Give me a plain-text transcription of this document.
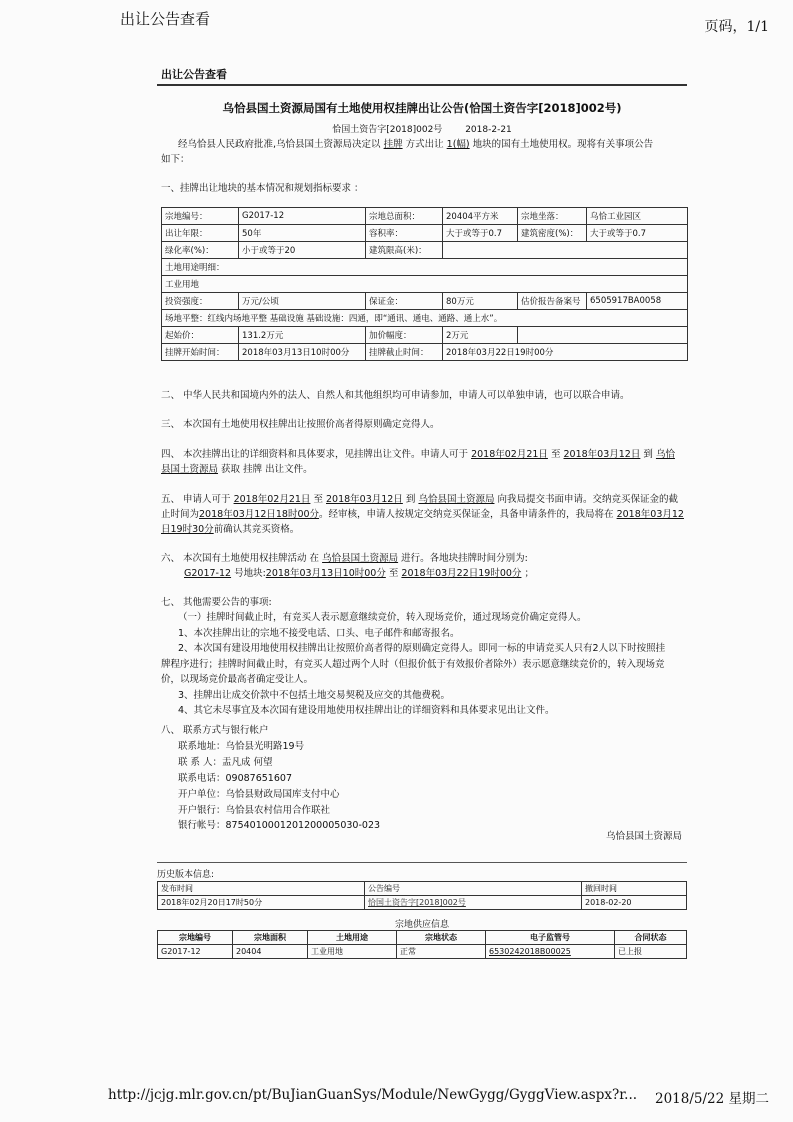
出让公告查看	页码，1/1
出让公告查看
乌恰县国土资源局国有土地使用权挂牌出让公告(恰国土资告字[2018]002号)
恰国土资告字[2018]002号	2018-2-21
经乌恰县人民政府批准,乌恰县国土资源局决定以 挂牌 方式出让 1(幅) 地块的国有土地使用权。现将有关事项公告
如下：
一、挂牌出让地块的基本情况和规划指标要求 ：
宗地编号：	G2017-12	宗地总面积：	20404平方米	宗地坐落：	乌恰工业园区
出让年限：	50年	容积率：	大于或等于0.7	建筑密度(%)：	大于或等于0.7
绿化率(%)：	小于或等于20	建筑限高(米)：			
土地用途明细：					
工业用地					
投资强度：	万元/公顷	保证金：	80万元	估价报告备案号	6505917BA0058
场地平整：红线内场地平整 基础设施 基础设施：四通，即“通讯、通电、通路、通上水”。					
起始价：	131.2万元	加价幅度：	2万元		
挂牌开始时间：	2018年03月13日10时00分	挂牌截止时间：	2018年03月22日19时00分		
二、 中华人民共和国境内外的法人、自然人和其他组织均可申请参加，申请人可以单独申请，也可以联合申请。
三、 本次国有土地使用权挂牌出让按照价高者得原则确定竞得人。
四、 本次挂牌出让的详细资料和具体要求，见挂牌出让文件。申请人可于 2018年02月21日 至 2018年03月12日 到 乌恰
县国土资源局 获取 挂牌 出让文件。
五、 申请人可于 2018年02月21日 至 2018年03月12日 到 乌恰县国土资源局 向我局提交书面申请。交纳竞买保证金的截
止时间为2018年03月12日18时00分。经审核，申请人按规定交纳竞买保证金，具备申请条件的，我局将在 2018年03月12
日19时30分前确认其竞买资格。
六、 本次国有土地使用权挂牌活动 在 乌恰县国土资源局 进行。各地块挂牌时间分别为:
G2017-12 号地块:2018年03月13日10时00分 至 2018年03月22日19时00分 ；
七、 其他需要公告的事项:
（一）挂牌时间截止时，有竞买人表示愿意继续竞价，转入现场竞价，通过现场竞价确定竞得人。
1、本次挂牌出让的宗地不接受电话、口头、电子邮件和邮寄报名。
2、本次国有建设用地使用权挂牌出让按照价高者得的原则确定竞得人。即同一标的申请竞买人只有2人以下时按照挂
牌程序进行；挂牌时间截止时，有竞买人超过两个人时（但报价低于有效报价者除外）表示愿意继续竞价的，转入现场竞
价，以现场竞价最高者确定受让人。
3、挂牌出让成交价款中不包括土地交易契税及应交的其他费税。
4、其它未尽事宜及本次国有建设用地使用权挂牌出让的详细资料和具体要求见出让文件。
八、 联系方式与银行帐户
联系地址：乌恰县光明路19号
联 系 人：盂凡成 何望
联系电话：09087651607
开户单位：乌恰县财政局国库支付中心
开户银行：乌恰县农村信用合作联社
银行帐号：875401000120120000​5030-023
乌恰县国土资源局
历史版本信息:
发布时间	公告编号	撤回时间
2018年02月20日17时50分	恰国土资告字[2018]002号	2018-02-20
宗地供应信息
宗地编号	宗地面积	土地用途	宗地状态	电子监管号	合同状态
G2017-12	20404	工业用地	正常	6530242018B00025	已上报
http://jcjg.mlr.gov.cn/pt/BuJianGuanSys/Module/NewGygg/GyggView.aspx?r... 2018/5/22 星期二
